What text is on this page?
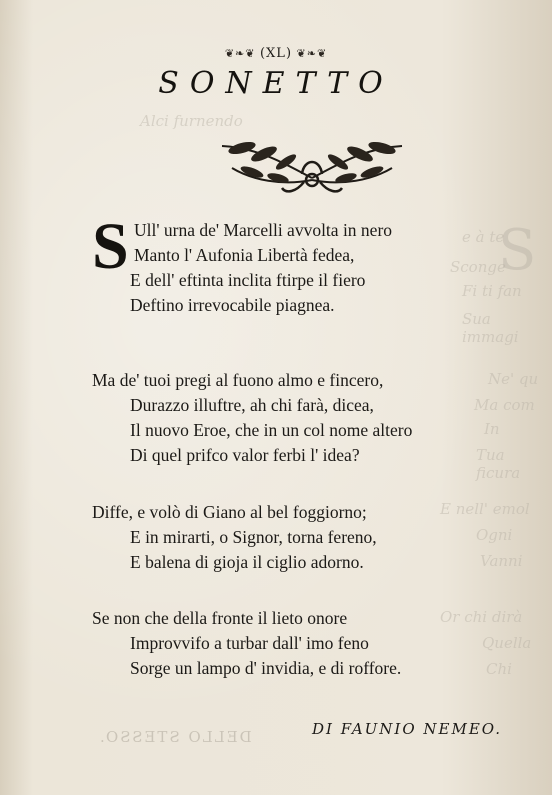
Alci furnendo
S
e à te
Sconge
Fi ti fan
Sua immagi
Ne' qu
Ma com
In
Tua ficura
E nell' emol
Ogni
Vanni
Or chi dirà
Quella
Chi
DELLO STESSO.
❦❧❦ (XL) ❦❧❦
SONETTO
S Ull' urna de' Marcelli avvolta in nero
Manto l' Aufonia Libertà fedea,
E dell' eftinta inclita ftirpe il fiero
Deftino irrevocabile piagnea.
Ma de' tuoi pregi al fuono almo e fincero,
Durazzo illuftre, ah chi farà, dicea,
Il nuovo Eroe, che in un col nome altero
Di quel prifco valor ferbi l' idea?
Diffe, e volò di Giano al bel foggiorno;
E in mirarti, o Signor, torna fereno,
E balena di gioja il ciglio adorno.
Se non che della fronte il lieto onore
Improvvifo a turbar dall' imo feno
Sorge un lampo d' invidia, e di roffore.
DI FAUNIO NEMEO.
